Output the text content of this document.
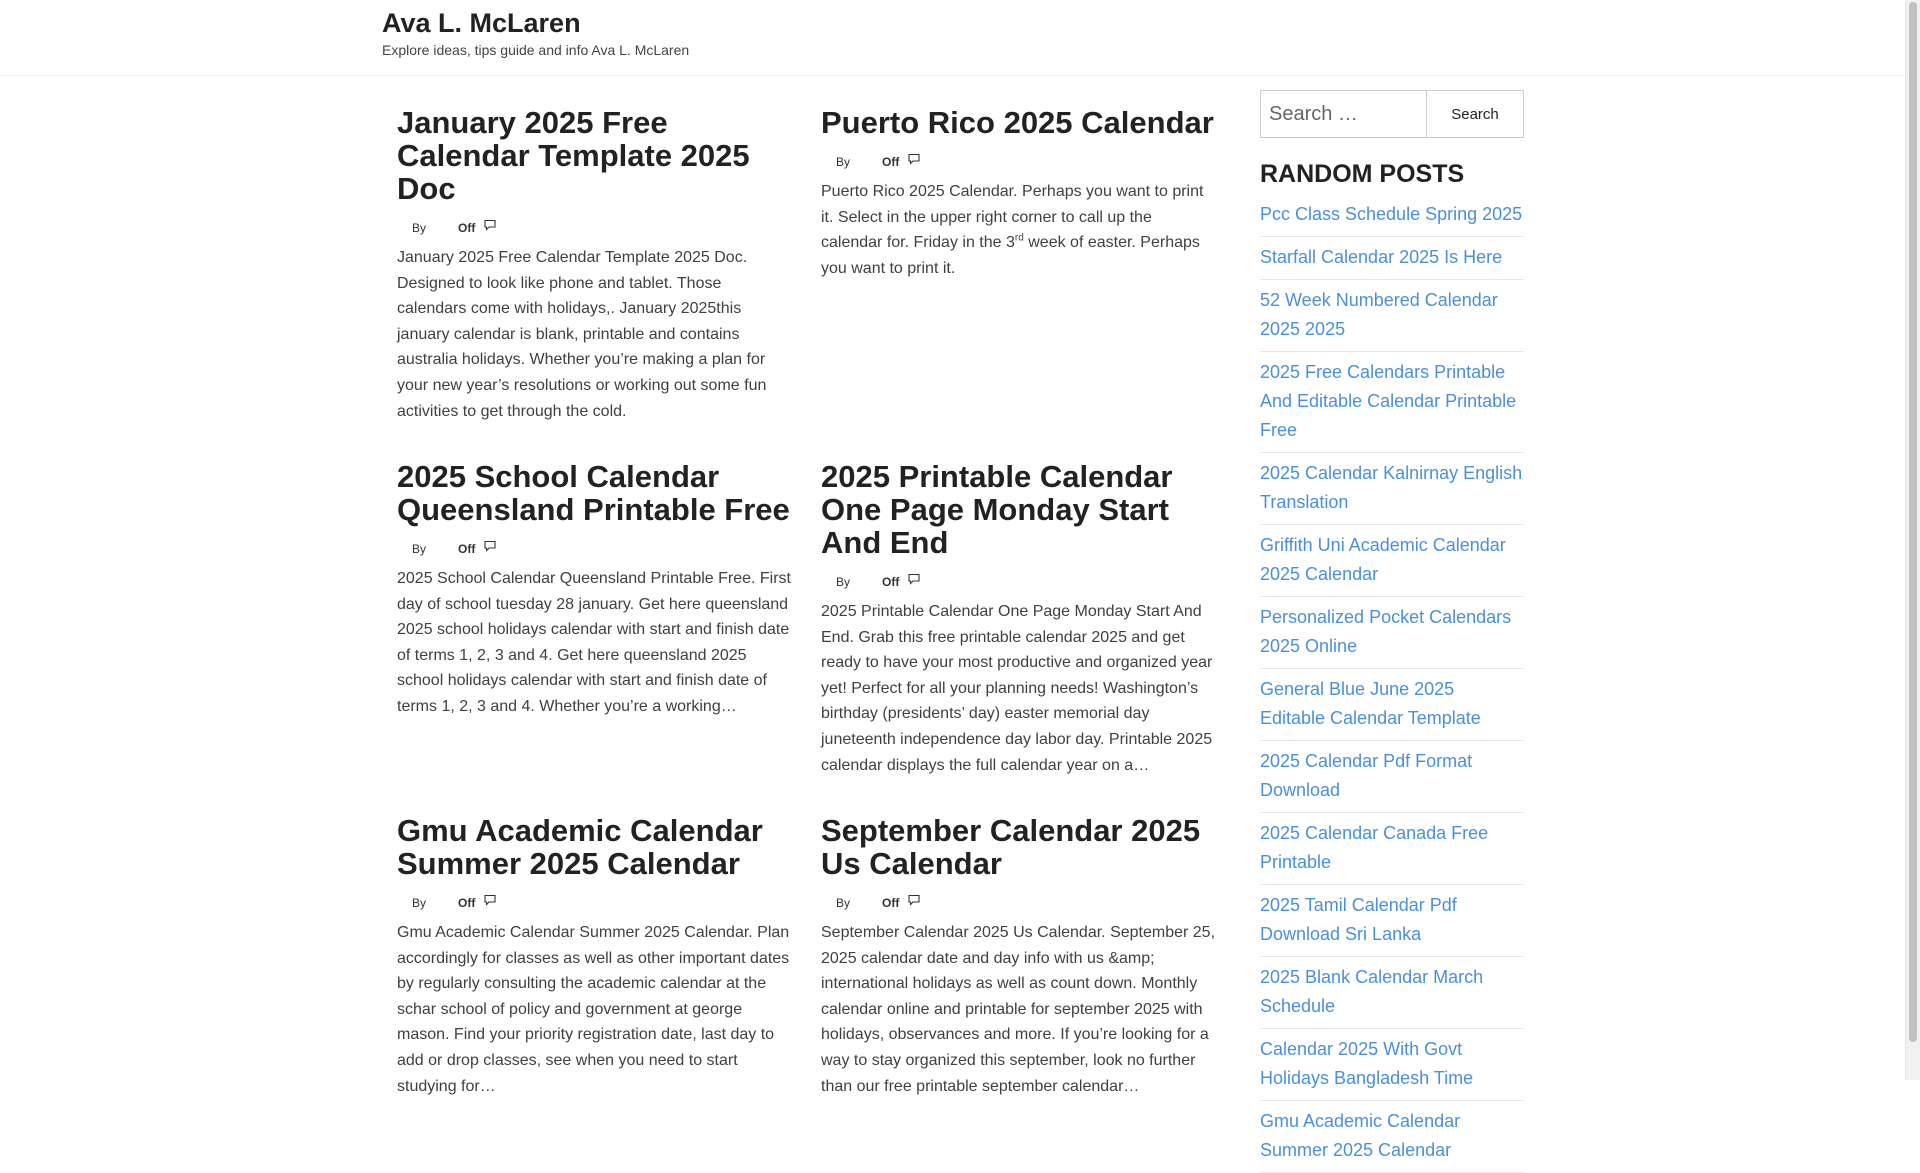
Ava L. McLaren
Explore ideas, tips guide and info Ava L. McLaren
January 2025 Free Calendar Template 2025 Doc
By	Off

January 2025 Free Calendar Template 2025 Doc. Designed to look like phone and tablet. Those calendars come with holidays,. January 2025this january calendar is blank, printable and contains australia holidays. Whether you’re making a plan for your new year’s resolutions or working out some fun activities to get through the cold.

Puerto Rico 2025 Calendar
By	Off

Puerto Rico 2025 Calendar. Perhaps you want to print it. Select in the upper right corner to call up the calendar for. Friday in the 3rd week of easter. Perhaps you want to print it.

2025 School Calendar Queensland Printable Free
By	Off

2025 School Calendar Queensland Printable Free. First day of school tuesday 28 january. Get here queensland 2025 school holidays calendar with start and finish date of terms 1, 2, 3 and 4. Get here queensland 2025 school holidays calendar with start and finish date of terms 1, 2, 3 and 4. Whether you’re a working…

2025 Printable Calendar One Page Monday Start And End
By	Off

2025 Printable Calendar One Page Monday Start And End. Grab this free printable calendar 2025 and get ready to have your most productive and organized year yet! Perfect for all your planning needs! Washington’s birthday (presidents’ day) easter memorial day juneteenth independence day labor day. Printable 2025 calendar displays the full calendar year on a…

Gmu Academic Calendar Summer 2025 Calendar
By	Off

Gmu Academic Calendar Summer 2025 Calendar. Plan accordingly for classes as well as other important dates by regularly consulting the academic calendar at the schar school of policy and government at george mason. Find your priority registration date, last day to add or drop classes, see when you need to start studying for…

September Calendar 2025 Us Calendar
By	Off

September Calendar 2025 Us Calendar. September 25, 2025 calendar date and day info with us &amp; international holidays as well as count down. Monthly calendar online and printable for september 2025 with holidays, observances and more. If you’re looking for a way to stay organized this september, look no further than our free printable september calendar…

Search …
Search
RANDOM POSTS
Pcc Class Schedule Spring 2025
Starfall Calendar 2025 Is Here
52 Week Numbered Calendar 2025 2025
2025 Free Calendars Printable And Editable Calendar Printable Free
2025 Calendar Kalnirnay English Translation
Griffith Uni Academic Calendar 2025 Calendar
Personalized Pocket Calendars 2025 Online
General Blue June 2025 Editable Calendar Template
2025 Calendar Pdf Format Download
2025 Calendar Canada Free Printable
2025 Tamil Calendar Pdf Download Sri Lanka
2025 Blank Calendar March Schedule
Calendar 2025 With Govt Holidays Bangladesh Time
Gmu Academic Calendar Summer 2025 Calendar
